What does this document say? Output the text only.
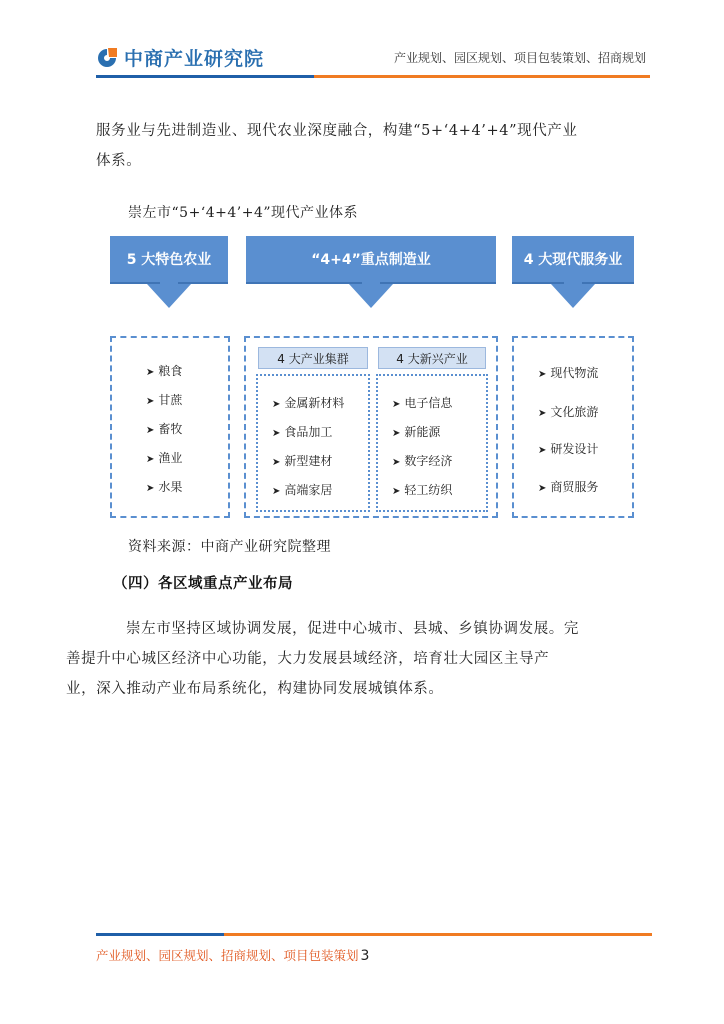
中商产业研究院	产业规划、园区规划、项目包装策划、招商规划
服务业与先进制造业、现代农业深度融合，构建“5+‘4+4’+4”现代产业
体系。
崇左市“5+‘4+4’+4”现代产业体系
5 大特色农业	“4+4”重点制造业	4 大现代服务业
➤ 粮食
➤ 甘蔗
➤ 畜牧
➤ 渔业
➤ 水果
4 大产业集群	4 大新兴产业
➤ 金属新材料
➤ 食品加工
➤ 新型建材
➤ 高端家居
➤ 电子信息
➤ 新能源
➤ 数字经济
➤ 轻工纺织
➤ 现代物流
➤ 文化旅游
➤ 研发设计
➤ 商贸服务
资料来源：中商产业研究院整理
（四）各区域重点产业布局
崇左市坚持区域协调发展，促进中心城市、县城、乡镇协调发展。完
善提升中心城区经济中心功能，大力发展县域经济，培育壮大园区主导产
业，深入推动产业布局系统化，构建协同发展城镇体系。
产业规划、园区规划、招商规划、项目包装策划 3
